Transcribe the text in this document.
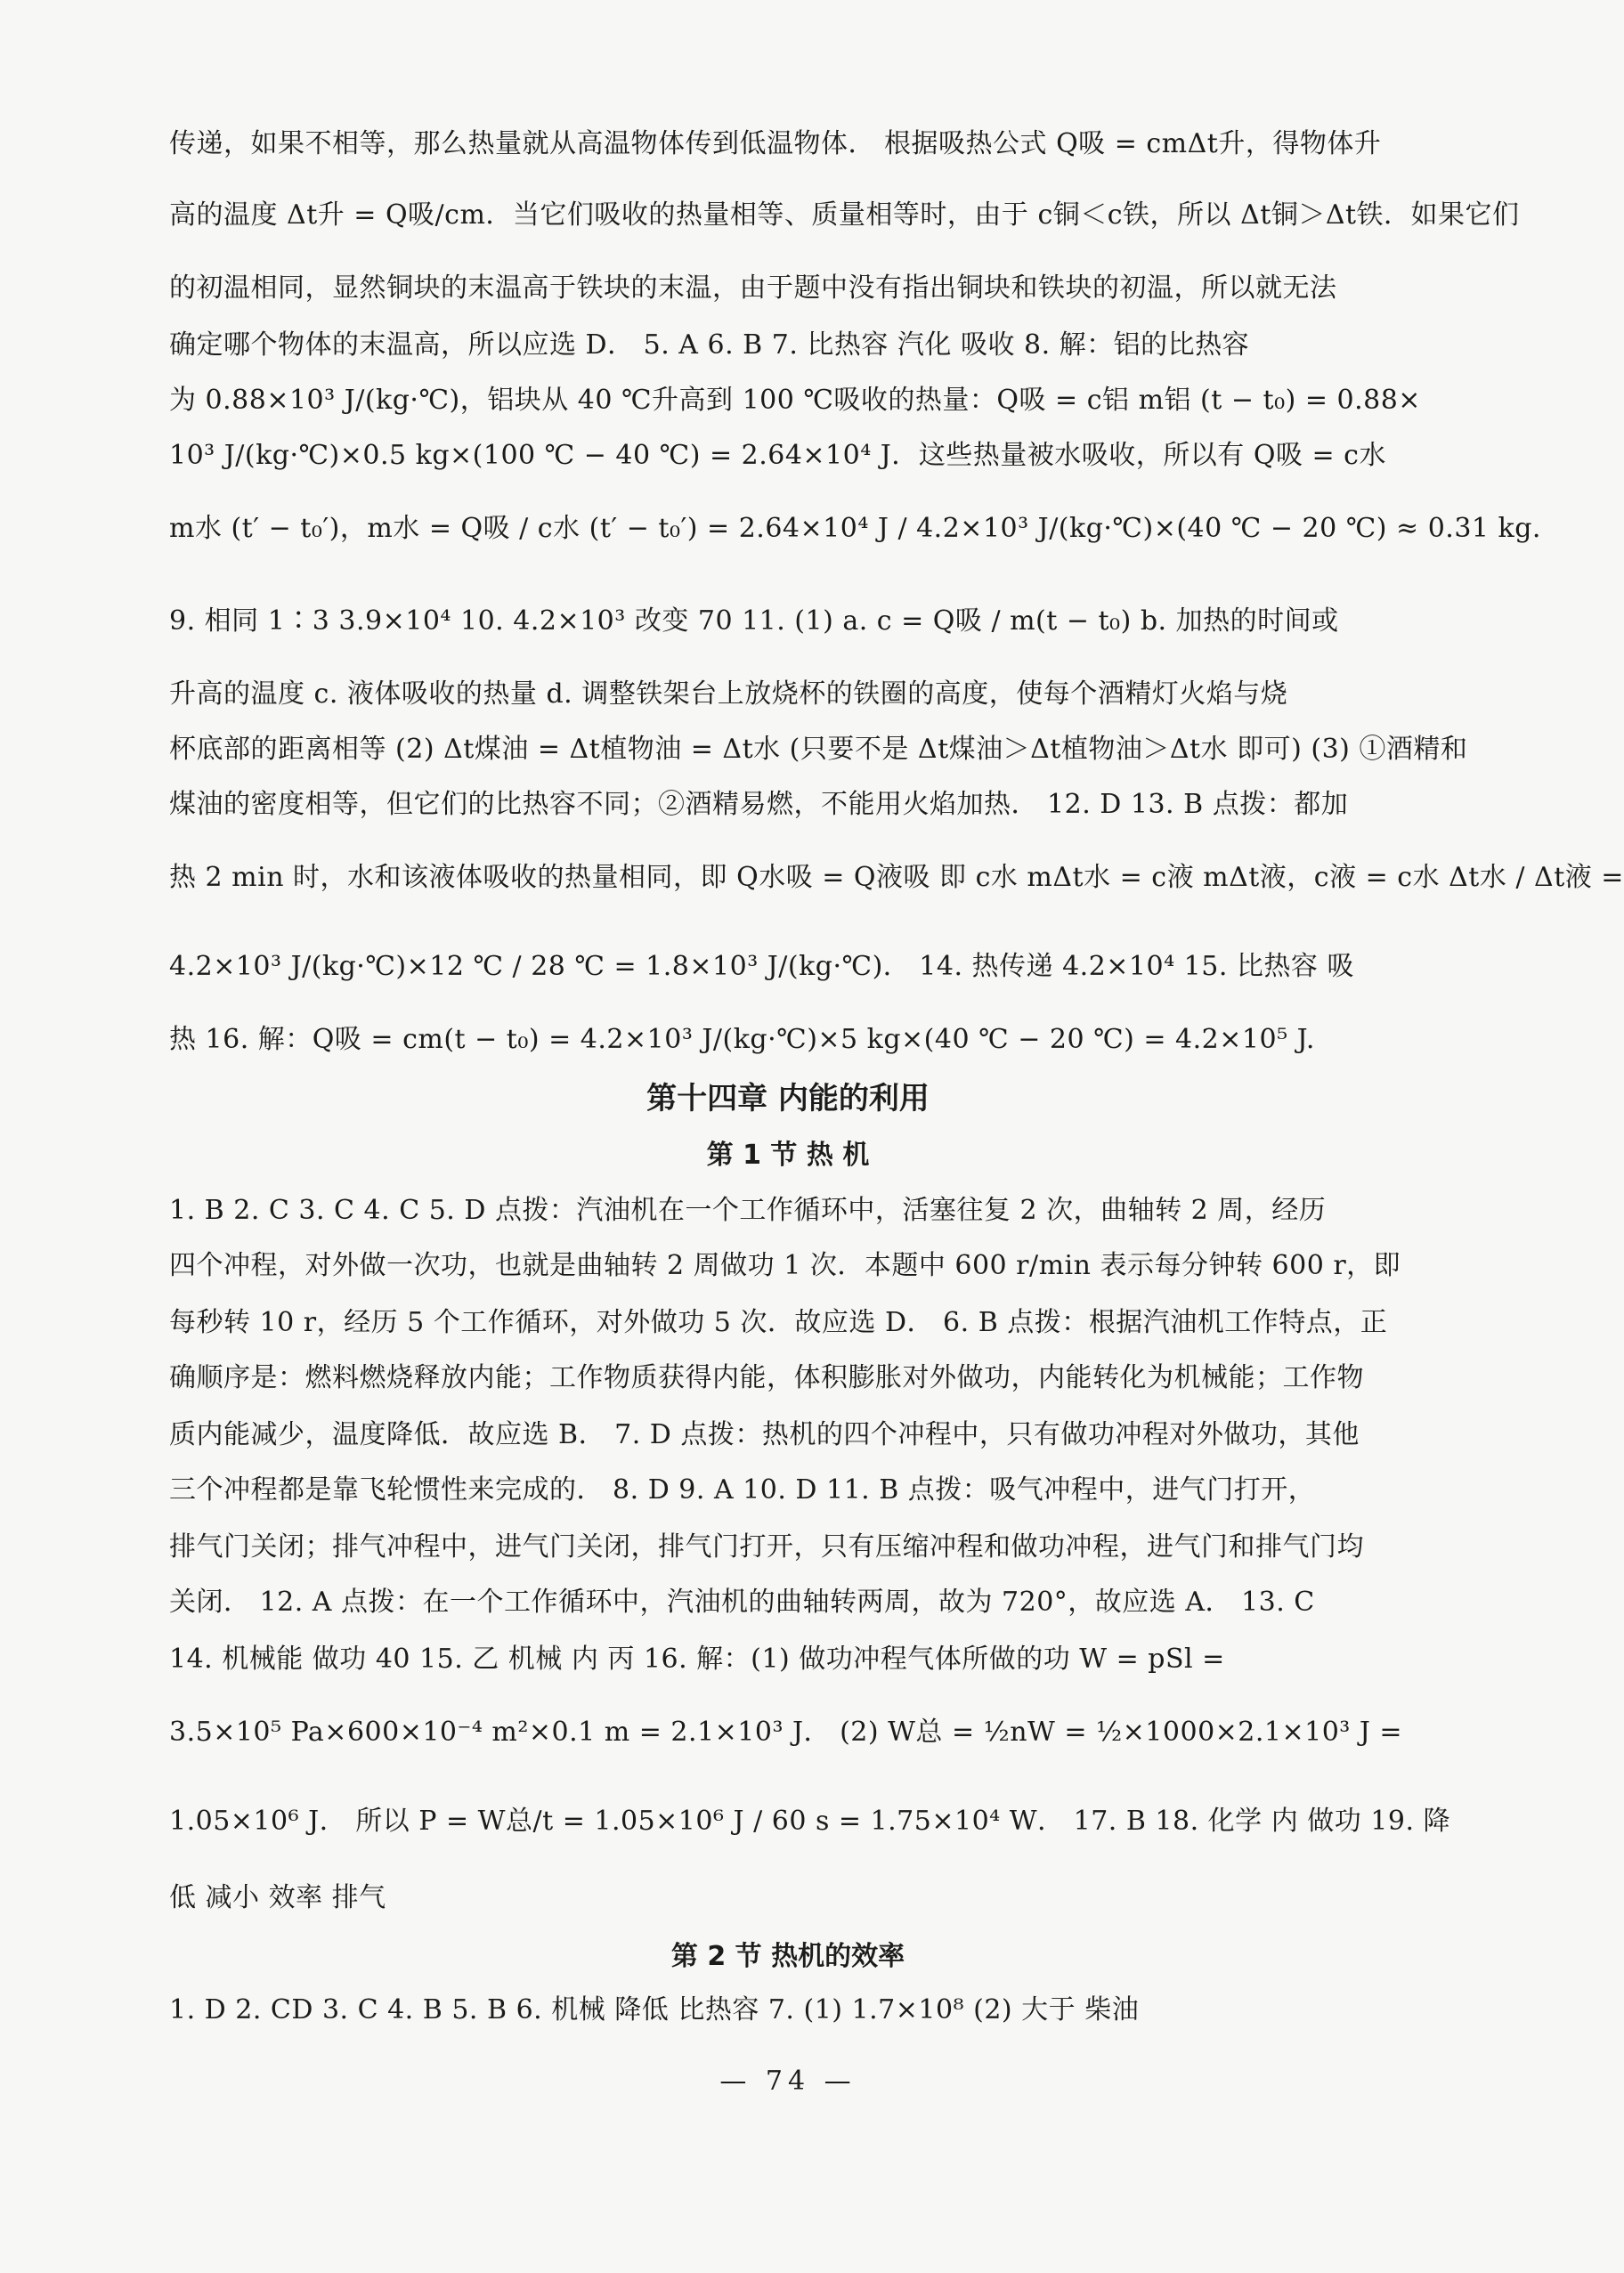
传递，如果不相等，那么热量就从高温物体传到低温物体． 根据吸热公式 Q吸 = cmΔt升，得物体升
高的温度 Δt升 = Q吸/cm．当它们吸收的热量相等、质量相等时，由于 c铜＜c铁，所以 Δt铜＞Δt铁．如果它们
的初温相同，显然铜块的末温高于铁块的末温，由于题中没有指出铜块和铁块的初温，所以就无法
确定哪个物体的末温高，所以应选 D． 5. A 6. B 7. 比热容 汽化 吸收 8. 解：铝的比热容
为 0.88×10³ J/(kg·℃)，铝块从 40 ℃升高到 100 ℃吸收的热量：Q吸 = c铝 m铝 (t − t₀) = 0.88×
10³ J/(kg·℃)×0.5 kg×(100 ℃ − 40 ℃) = 2.64×10⁴ J．这些热量被水吸收，所以有 Q吸 = c水
m水 (t′ − t₀′)，m水 = Q吸 / c水 (t′ − t₀′) = 2.64×10⁴ J / 4.2×10³ J/(kg·℃)×(40 ℃ − 20 ℃) ≈ 0.31 kg.
9. 相同 1∶3 3.9×10⁴ 10. 4.2×10³ 改变 70 11. (1) a. c = Q吸 / m(t − t₀) b. 加热的时间或
升高的温度 c. 液体吸收的热量 d. 调整铁架台上放烧杯的铁圈的高度，使每个酒精灯火焰与烧
杯底部的距离相等 (2) Δt煤油 = Δt植物油 = Δt水 (只要不是 Δt煤油＞Δt植物油＞Δt水 即可) (3) ①酒精和
煤油的密度相等，但它们的比热容不同；②酒精易燃，不能用火焰加热． 12. D 13. B 点拨：都加
热 2 min 时，水和该液体吸收的热量相同，即 Q水吸 = Q液吸 即 c水 mΔt水 = c液 mΔt液，c液 = c水 Δt水 / Δt液 =
4.2×10³ J/(kg·℃)×12 ℃ / 28 ℃ = 1.8×10³ J/(kg·℃)． 14. 热传递 4.2×10⁴ 15. 比热容 吸
热 16. 解：Q吸 = cm(t − t₀) = 4.2×10³ J/(kg·℃)×5 kg×(40 ℃ − 20 ℃) = 4.2×10⁵ J.
第十四章 内能的利用
第 1 节 热 机
1. B 2. C 3. C 4. C 5. D 点拨：汽油机在一个工作循环中，活塞往复 2 次，曲轴转 2 周，经历
四个冲程，对外做一次功，也就是曲轴转 2 周做功 1 次．本题中 600 r/min 表示每分钟转 600 r，即
每秒转 10 r，经历 5 个工作循环，对外做功 5 次．故应选 D． 6. B 点拨：根据汽油机工作特点，正
确顺序是：燃料燃烧释放内能；工作物质获得内能，体积膨胀对外做功，内能转化为机械能；工作物
质内能减少，温度降低．故应选 B． 7. D 点拨：热机的四个冲程中，只有做功冲程对外做功，其他
三个冲程都是靠飞轮惯性来完成的． 8. D 9. A 10. D 11. B 点拨：吸气冲程中，进气门打开，
排气门关闭；排气冲程中，进气门关闭，排气门打开，只有压缩冲程和做功冲程，进气门和排气门均
关闭． 12. A 点拨：在一个工作循环中，汽油机的曲轴转两周，故为 720°，故应选 A． 13. C
14. 机械能 做功 40 15. 乙 机械 内 丙 16. 解：(1) 做功冲程气体所做的功 W = pSl =
3.5×10⁵ Pa×600×10⁻⁴ m²×0.1 m = 2.1×10³ J． (2) W总 = ½nW = ½×1000×2.1×10³ J =
1.05×10⁶ J． 所以 P = W总/t = 1.05×10⁶ J / 60 s = 1.75×10⁴ W． 17. B 18. 化学 内 做功 19. 降
低 减小 效率 排气
第 2 节 热机的效率
1. D 2. CD 3. C 4. B 5. B 6. 机械 降低 比热容 7. (1) 1.7×10⁸ (2) 大于 柴油
— 74 —
